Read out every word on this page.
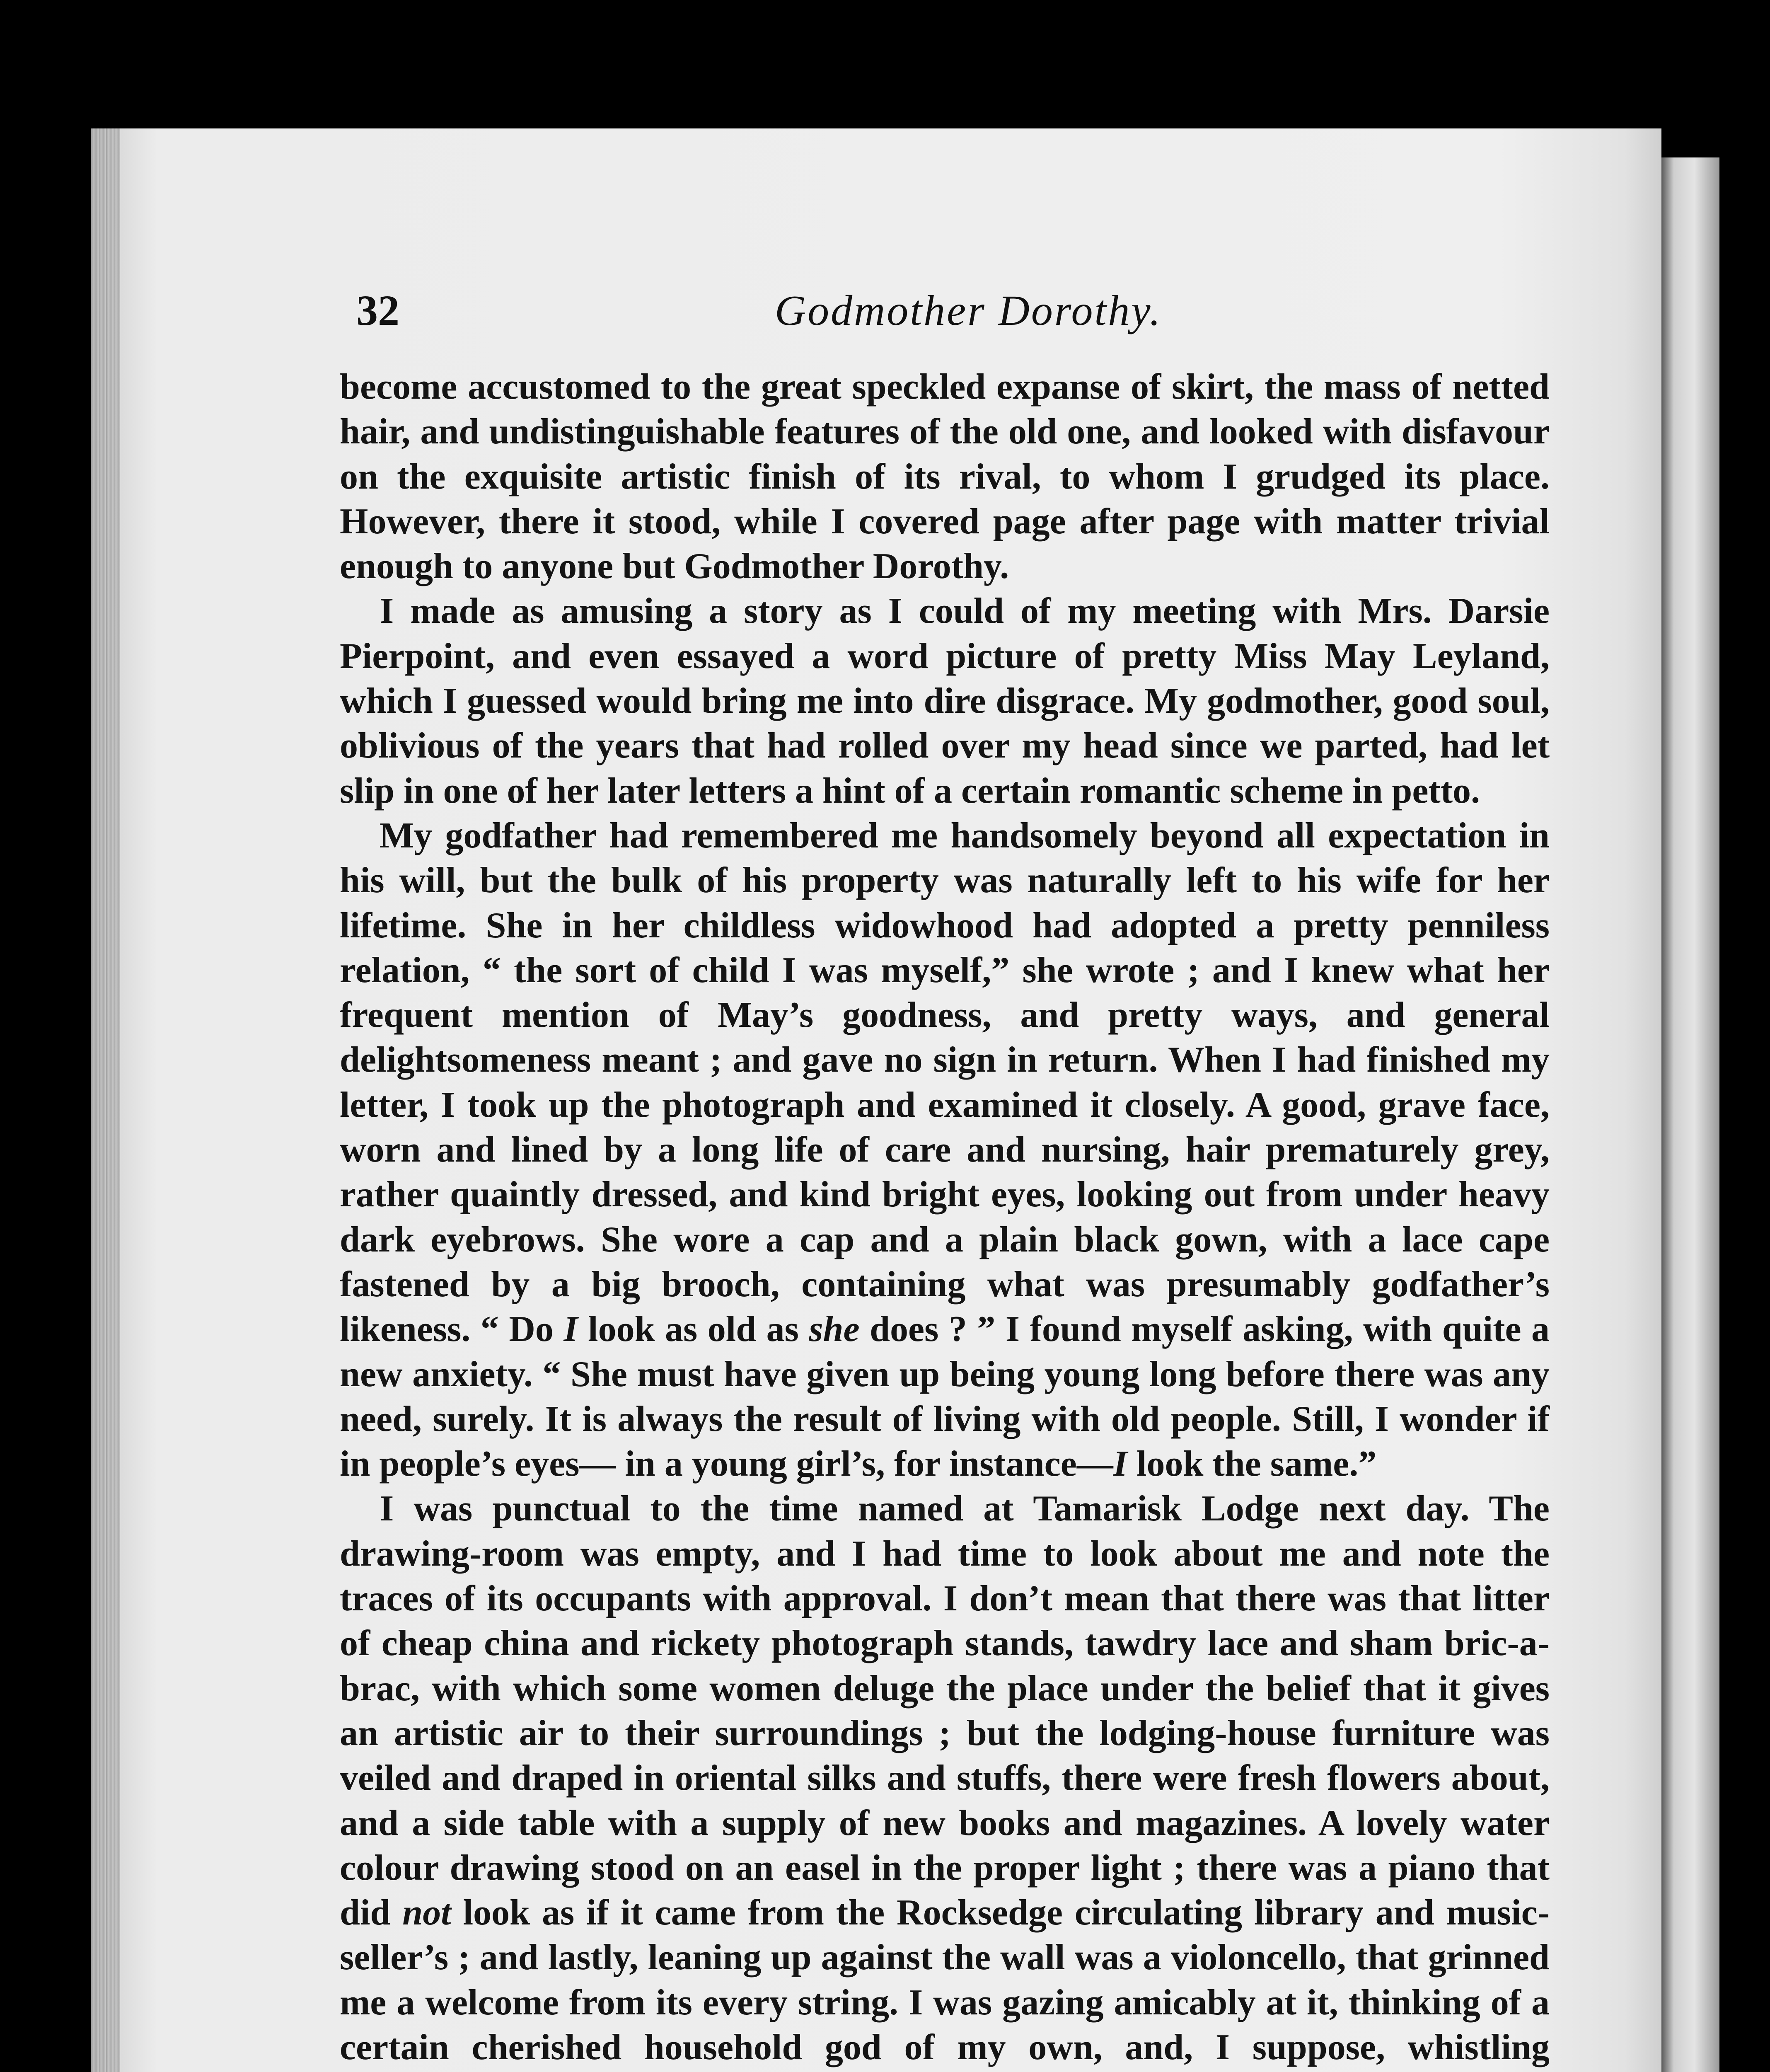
32	Godmother Dorothy.

become accustomed to the great speckled expanse of skirt, the mass of netted hair, and undistinguishable features of the old one, and looked with disfavour on the exquisite artistic finish of its rival, to whom I grudged its place. However, there it stood, while I covered page after page with matter trivial enough to anyone but Godmother Dorothy.

I made as amusing a story as I could of my meeting with Mrs. Darsie Pierpoint, and even essayed a word picture of pretty Miss May Leyland, which I guessed would bring me into dire disgrace. My godmother, good soul, oblivious of the years that had rolled over my head since we parted, had let slip in one of her later letters a hint of a certain romantic scheme in petto.

My godfather had remembered me handsomely beyond all expectation in his will, but the bulk of his property was naturally left to his wife for her lifetime. She in her childless widowhood had adopted a pretty penniless relation, “ the sort of child I was myself,” she wrote ; and I knew what her frequent mention of May’s goodness, and pretty ways, and general delightsomeness meant ; and gave no sign in return. When I had finished my letter, I took up the photograph and examined it closely. A good, grave face, worn and lined by a long life of care and nursing, hair prematurely grey, rather quaintly dressed, and kind bright eyes, looking out from under heavy dark eyebrows. She wore a cap and a plain black gown, with a lace cape fastened by a big brooch, containing what was presumably godfather’s likeness. “ Do I look as old as she does ? ” I found myself asking, with quite a new anxiety. “ She must have given up being young long before there was any need, surely. It is always the result of living with old people. Still, I wonder if in people’s eyes— in a young girl’s, for instance—I look the same.”

I was punctual to the time named at Tamarisk Lodge next day. The drawing-room was empty, and I had time to look about me and note the traces of its occupants with approval. I don’t mean that there was that litter of cheap china and rickety photograph stands, tawdry lace and sham bric-a-brac, with which some women deluge the place under the belief that it gives an artistic air to their surroundings ; but the lodging-house furniture was veiled and draped in oriental silks and stuffs, there were fresh flowers about, and a side table with a supply of new books and magazines. A lovely water colour drawing stood on an easel in the proper light ; there was a piano that did not look as if it came from the Rocksedge circulating library and music-seller’s ; and lastly, leaning up against the wall was a violoncello, that grinned me a welcome from its every string. I was gazing amicably at it, thinking of a certain cherished household god of my own, and, I suppose, whistling
